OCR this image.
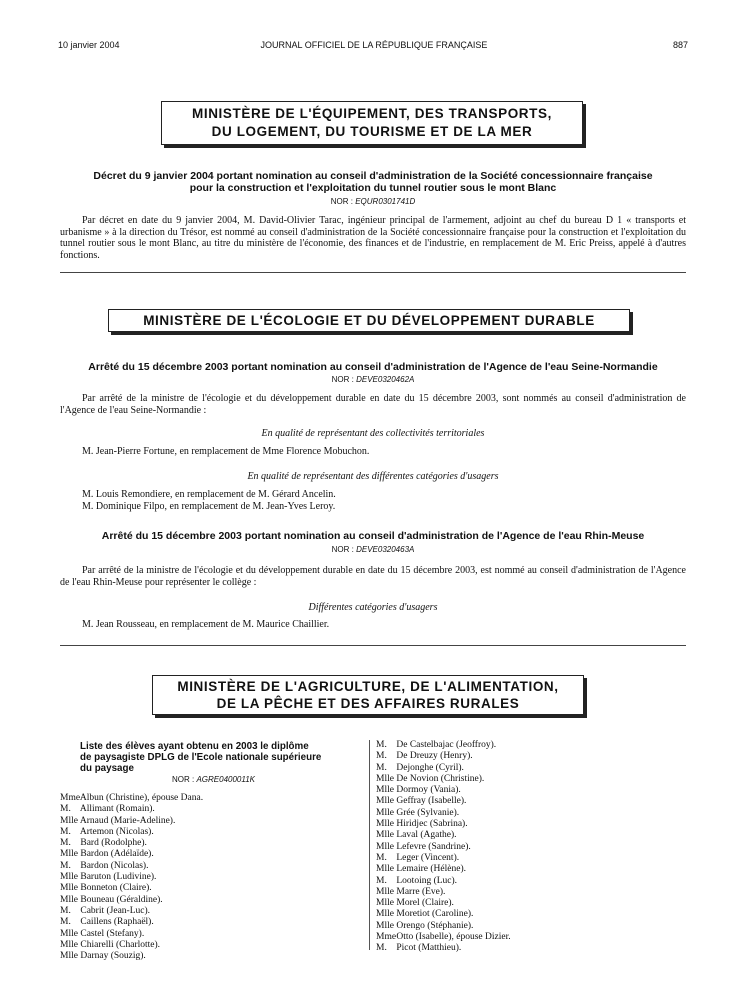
10 janvier 2004	JOURNAL OFFICIEL DE LA RÉPUBLIQUE FRANÇAISE	887
MINISTÈRE DE L'ÉQUIPEMENT, DES TRANSPORTS,
DU LOGEMENT, DU TOURISME ET DE LA MER
Décret du 9 janvier 2004 portant nomination au conseil d'administration de la Société concessionnaire française
pour la construction et l'exploitation du tunnel routier sous le mont Blanc
NOR : EQUR0301741D
Par décret en date du 9 janvier 2004, M. David-Olivier Tarac, ingénieur principal de l'armement, adjoint au chef du bureau D 1 « transports et urbanisme » à la direction du Trésor, est nommé au conseil d'administration de la Société concessionnaire française pour la construction et l'exploitation du tunnel routier sous le mont Blanc, au titre du ministère de l'économie, des finances et de l'industrie, en remplacement de M. Eric Preiss, appelé à d'autres fonctions.
MINISTÈRE DE L'ÉCOLOGIE ET DU DÉVELOPPEMENT DURABLE
Arrêté du 15 décembre 2003 portant nomination au conseil d'administration de l'Agence de l'eau Seine-Normandie
NOR : DEVE0320462A
Par arrêté de la ministre de l'écologie et du développement durable en date du 15 décembre 2003, sont nommés au conseil d'administration de l'Agence de l'eau Seine-Normandie :
En qualité de représentant des collectivités territoriales
M. Jean-Pierre Fortune, en remplacement de Mme Florence Mobuchon.
En qualité de représentant des différentes catégories d'usagers
M. Louis Remondiere, en remplacement de M. Gérard Ancelin.
M. Dominique Filpo, en remplacement de M. Jean-Yves Leroy.
Arrêté du 15 décembre 2003 portant nomination au conseil d'administration de l'Agence de l'eau Rhin-Meuse
NOR : DEVE0320463A
Par arrêté de la ministre de l'écologie et du développement durable en date du 15 décembre 2003, est nommé au conseil d'administration de l'Agence de l'eau Rhin-Meuse pour représenter le collège :
Différentes catégories d'usagers
M. Jean Rousseau, en remplacement de M. Maurice Chaillier.
MINISTÈRE DE L'AGRICULTURE, DE L'ALIMENTATION,
DE LA PÊCHE ET DES AFFAIRES RURALES
Liste des élèves ayant obtenu en 2003 le diplôme
de paysagiste DPLG de l'Ecole nationale supérieure
du paysage
NOR : AGRE0400011K
Mme Albun (Christine), épouse Dana.
M. Allimant (Romain).
Mlle Arnaud (Marie-Adeline).
M. Artemon (Nicolas).
M. Bard (Rodolphe).
Mlle Bardon (Adélaïde).
M. Bardon (Nicolas).
Mlle Baruton (Ludivine).
Mlle Bonneton (Claire).
Mlle Bouneau (Géraldine).
M. Cabrit (Jean-Luc).
M. Caillens (Raphaël).
Mlle Castel (Stefany).
Mlle Chiarelli (Charlotte).
Mlle Darnay (Souzig).
M. De Castelbajac (Jeoffroy).
M. De Dreuzy (Henry).
M. Dejonghe (Cyril).
Mlle De Novion (Christine).
Mlle Dormoy (Vania).
Mlle Geffray (Isabelle).
Mlle Grée (Sylvanie).
Mlle Hiridjec (Sabrina).
Mlle Laval (Agathe).
Mlle Lefevre (Sandrine).
M. Leger (Vincent).
Mlle Lemaire (Hélène).
M. Lootoing (Luc).
Mlle Marre (Eve).
Mlle Morel (Claire).
Mlle Moretiot (Caroline).
Mlle Orengo (Stéphanie).
Mme Otto (Isabelle), épouse Dizier.
M. Picot (Matthieu).
